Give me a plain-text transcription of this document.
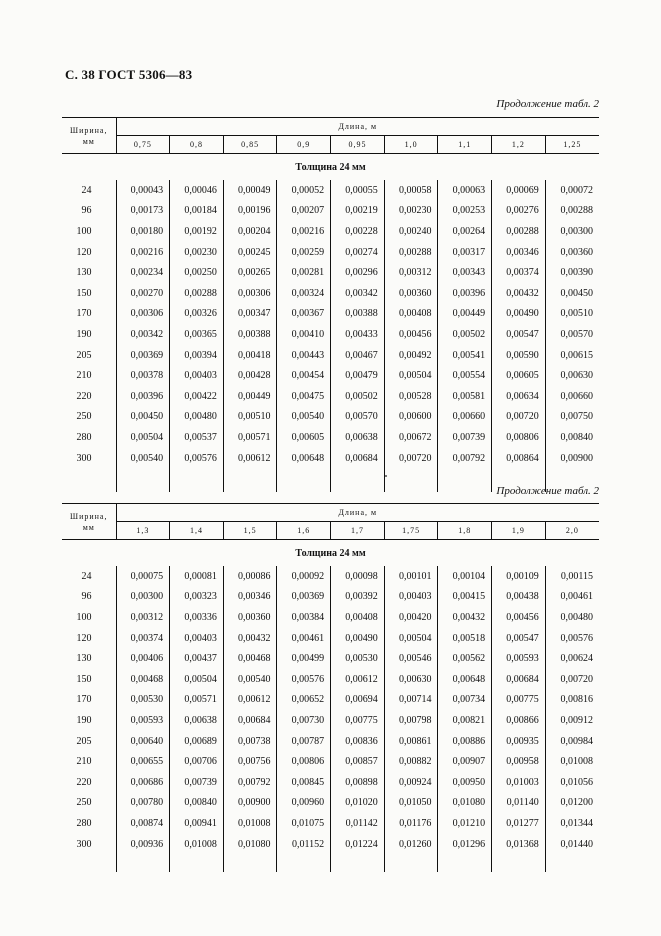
С. 38 ГОСТ 5306—83
Продолжение табл. 2
Ширина,
мм	Длина, м								
	0,75	0,8	0,85	0,9	0,95	1,0	1,1	1,2	1,25
Толщина 24 мм									
24	0,00043	0,00046	0,00049	0,00052	0,00055	0,00058	0,00063	0,00069	0,00072
96	0,00173	0,00184	0,00196	0,00207	0,00219	0,00230	0,00253	0,00276	0,00288
100	0,00180	0,00192	0,00204	0,00216	0,00228	0,00240	0,00264	0,00288	0,00300
120	0,00216	0,00230	0,00245	0,00259	0,00274	0,00288	0,00317	0,00346	0,00360
130	0,00234	0,00250	0,00265	0,00281	0,00296	0,00312	0,00343	0,00374	0,00390
150	0,00270	0,00288	0,00306	0,00324	0,00342	0,00360	0,00396	0,00432	0,00450
170	0,00306	0,00326	0,00347	0,00367	0,00388	0,00408	0,00449	0,00490	0,00510
190	0,00342	0,00365	0,00388	0,00410	0,00433	0,00456	0,00502	0,00547	0,00570
205	0,00369	0,00394	0,00418	0,00443	0,00467	0,00492	0,00541	0,00590	0,00615
210	0,00378	0,00403	0,00428	0,00454	0,00479	0,00504	0,00554	0,00605	0,00630
220	0,00396	0,00422	0,00449	0,00475	0,00502	0,00528	0,00581	0,00634	0,00660
250	0,00450	0,00480	0,00510	0,00540	0,00570	0,00600	0,00660	0,00720	0,00750
280	0,00504	0,00537	0,00571	0,00605	0,00638	0,00672	0,00739	0,00806	0,00840
300	0,00540	0,00576	0,00612	0,00648	0,00684	0,00720	0,00792	0,00864	0,00900

Продолжение табл. 2
Ширина,
мм	Длина, м								
	1,3	1,4	1,5	1,6	1,7	1,75	1,8	1,9	2,0
Толщина 24 мм									
24	0,00075	0,00081	0,00086	0,00092	0,00098	0,00101	0,00104	0,00109	0,00115
96	0,00300	0,00323	0,00346	0,00369	0,00392	0,00403	0,00415	0,00438	0,00461
100	0,00312	0,00336	0,00360	0,00384	0,00408	0,00420	0,00432	0,00456	0,00480
120	0,00374	0,00403	0,00432	0,00461	0,00490	0,00504	0,00518	0,00547	0,00576
130	0,00406	0,00437	0,00468	0,00499	0,00530	0,00546	0,00562	0,00593	0,00624
150	0,00468	0,00504	0,00540	0,00576	0,00612	0,00630	0,00648	0,00684	0,00720
170	0,00530	0,00571	0,00612	0,00652	0,00694	0,00714	0,00734	0,00775	0,00816
190	0,00593	0,00638	0,00684	0,00730	0,00775	0,00798	0,00821	0,00866	0,00912
205	0,00640	0,00689	0,00738	0,00787	0,00836	0,00861	0,00886	0,00935	0,00984
210	0,00655	0,00706	0,00756	0,00806	0,00857	0,00882	0,00907	0,00958	0,01008
220	0,00686	0,00739	0,00792	0,00845	0,00898	0,00924	0,00950	0,01003	0,01056
250	0,00780	0,00840	0,00900	0,00960	0,01020	0,01050	0,01080	0,01140	0,01200
280	0,00874	0,00941	0,01008	0,01075	0,01142	0,01176	0,01210	0,01277	0,01344
300	0,00936	0,01008	0,01080	0,01152	0,01224	0,01260	0,01296	0,01368	0,01440
